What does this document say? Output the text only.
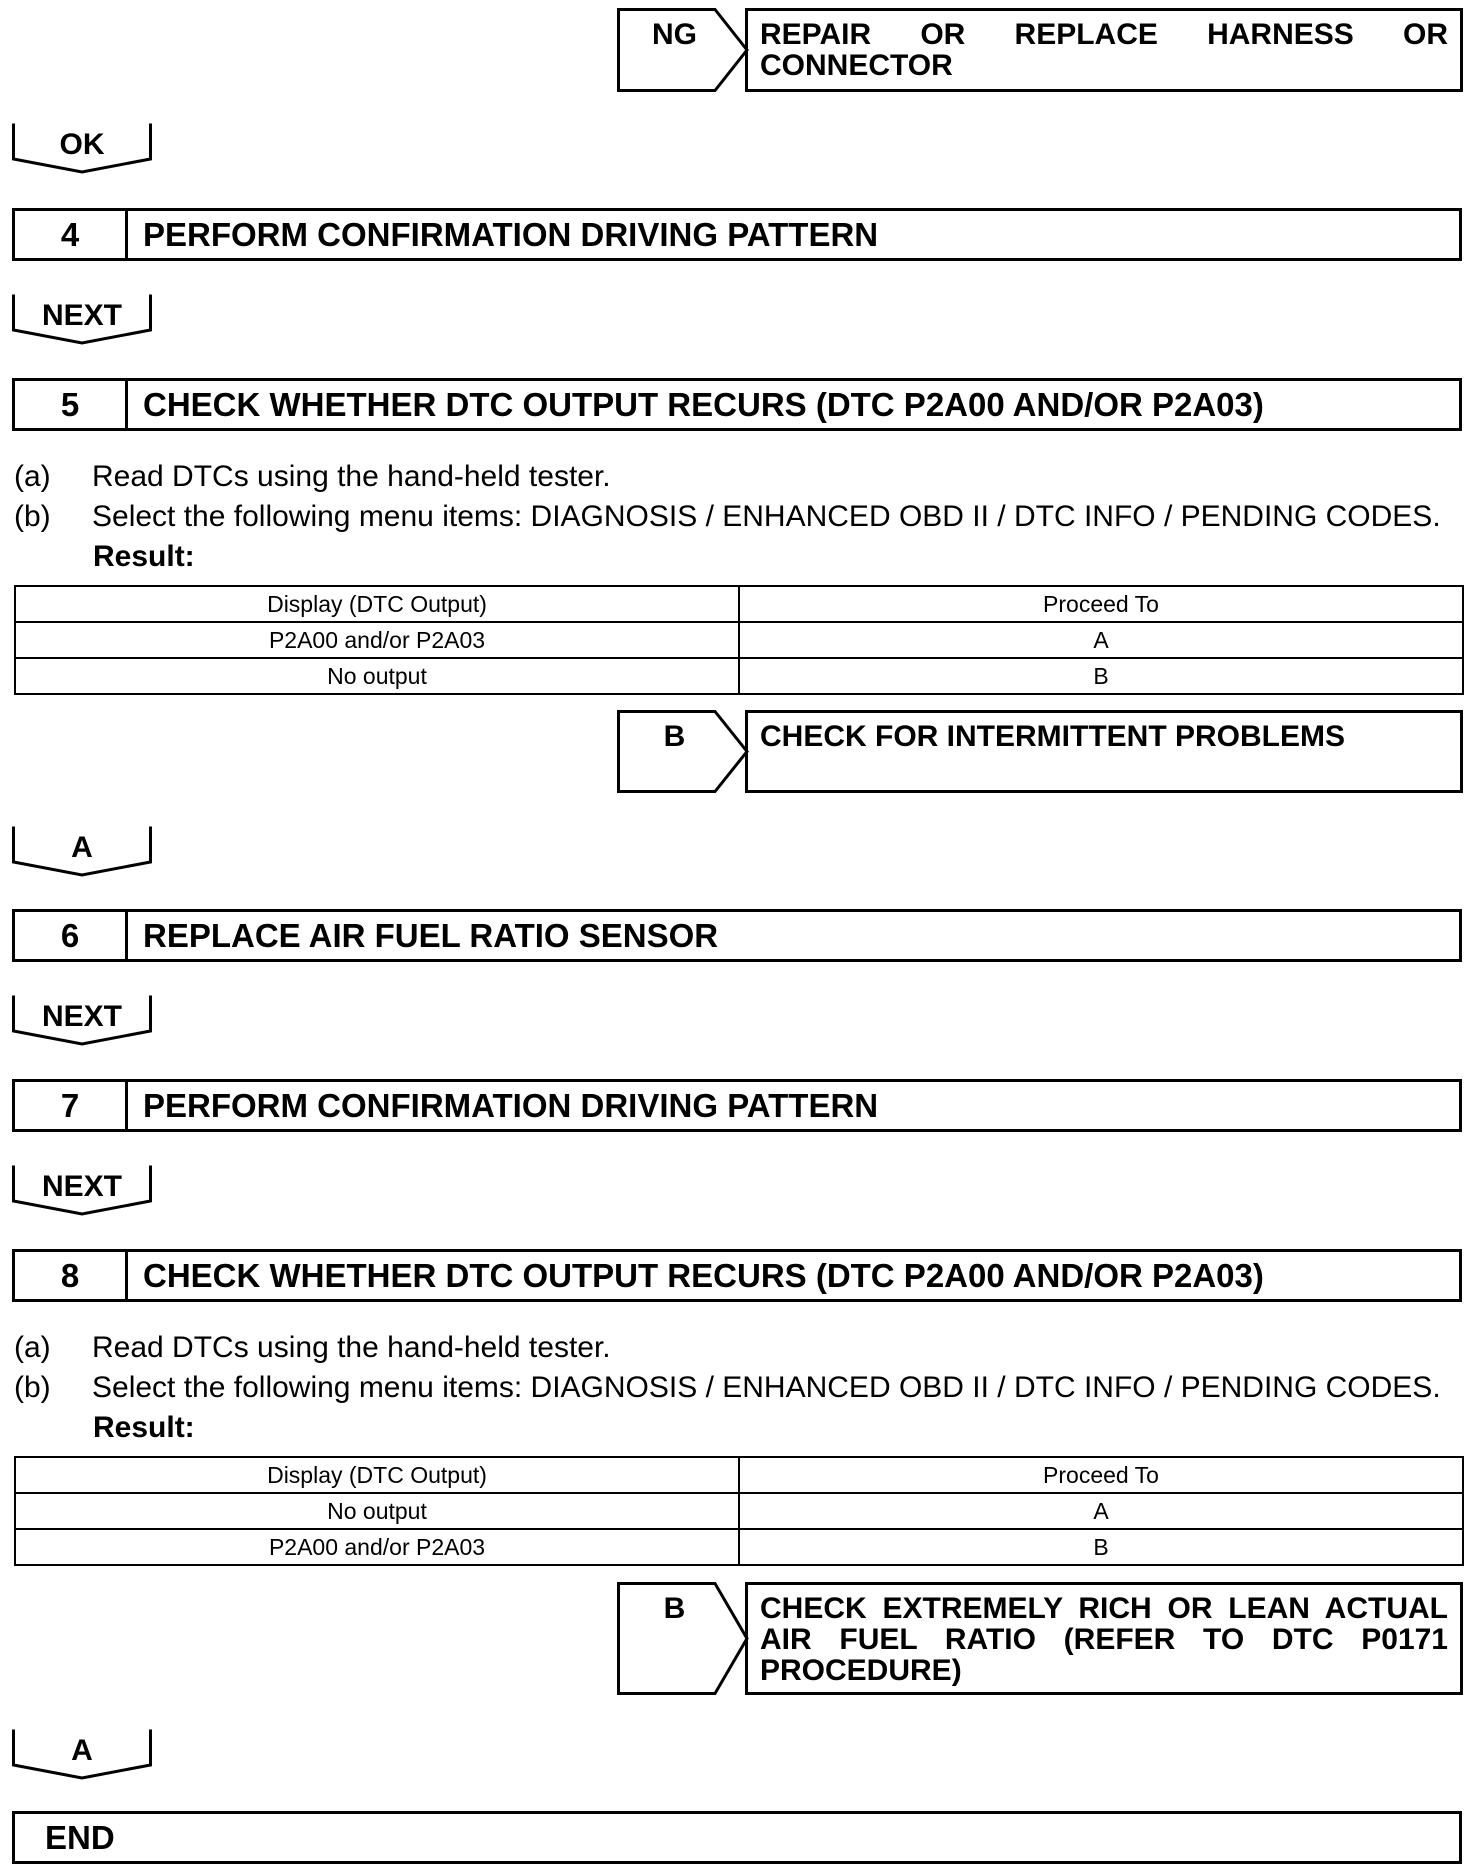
NG	REPAIR OR REPLACE HARNESS OR CONNECTOR
OK
4	PERFORM CONFIRMATION DRIVING PATTERN
NEXT
5	CHECK WHETHER DTC OUTPUT RECURS (DTC P2A00 AND/OR P2A03)
(a) Read DTCs using the hand-held tester.
(b) Select the following menu items: DIAGNOSIS / ENHANCED OBD II / DTC INFO / PENDING CODES.
Result:
Display (DTC Output)	Proceed To
P2A00 and/or P2A03	A
No output	B
B	CHECK FOR INTERMITTENT PROBLEMS
A
6	REPLACE AIR FUEL RATIO SENSOR
NEXT
7	PERFORM CONFIRMATION DRIVING PATTERN
NEXT
8	CHECK WHETHER DTC OUTPUT RECURS (DTC P2A00 AND/OR P2A03)
(a) Read DTCs using the hand-held tester.
(b) Select the following menu items: DIAGNOSIS / ENHANCED OBD II / DTC INFO / PENDING CODES.
Result:
Display (DTC Output)	Proceed To
No output	A
P2A00 and/or P2A03	B
B	CHECK EXTREMELY RICH OR LEAN ACTUAL AIR FUEL RATIO (REFER TO DTC P0171 PROCEDURE)
A
END
